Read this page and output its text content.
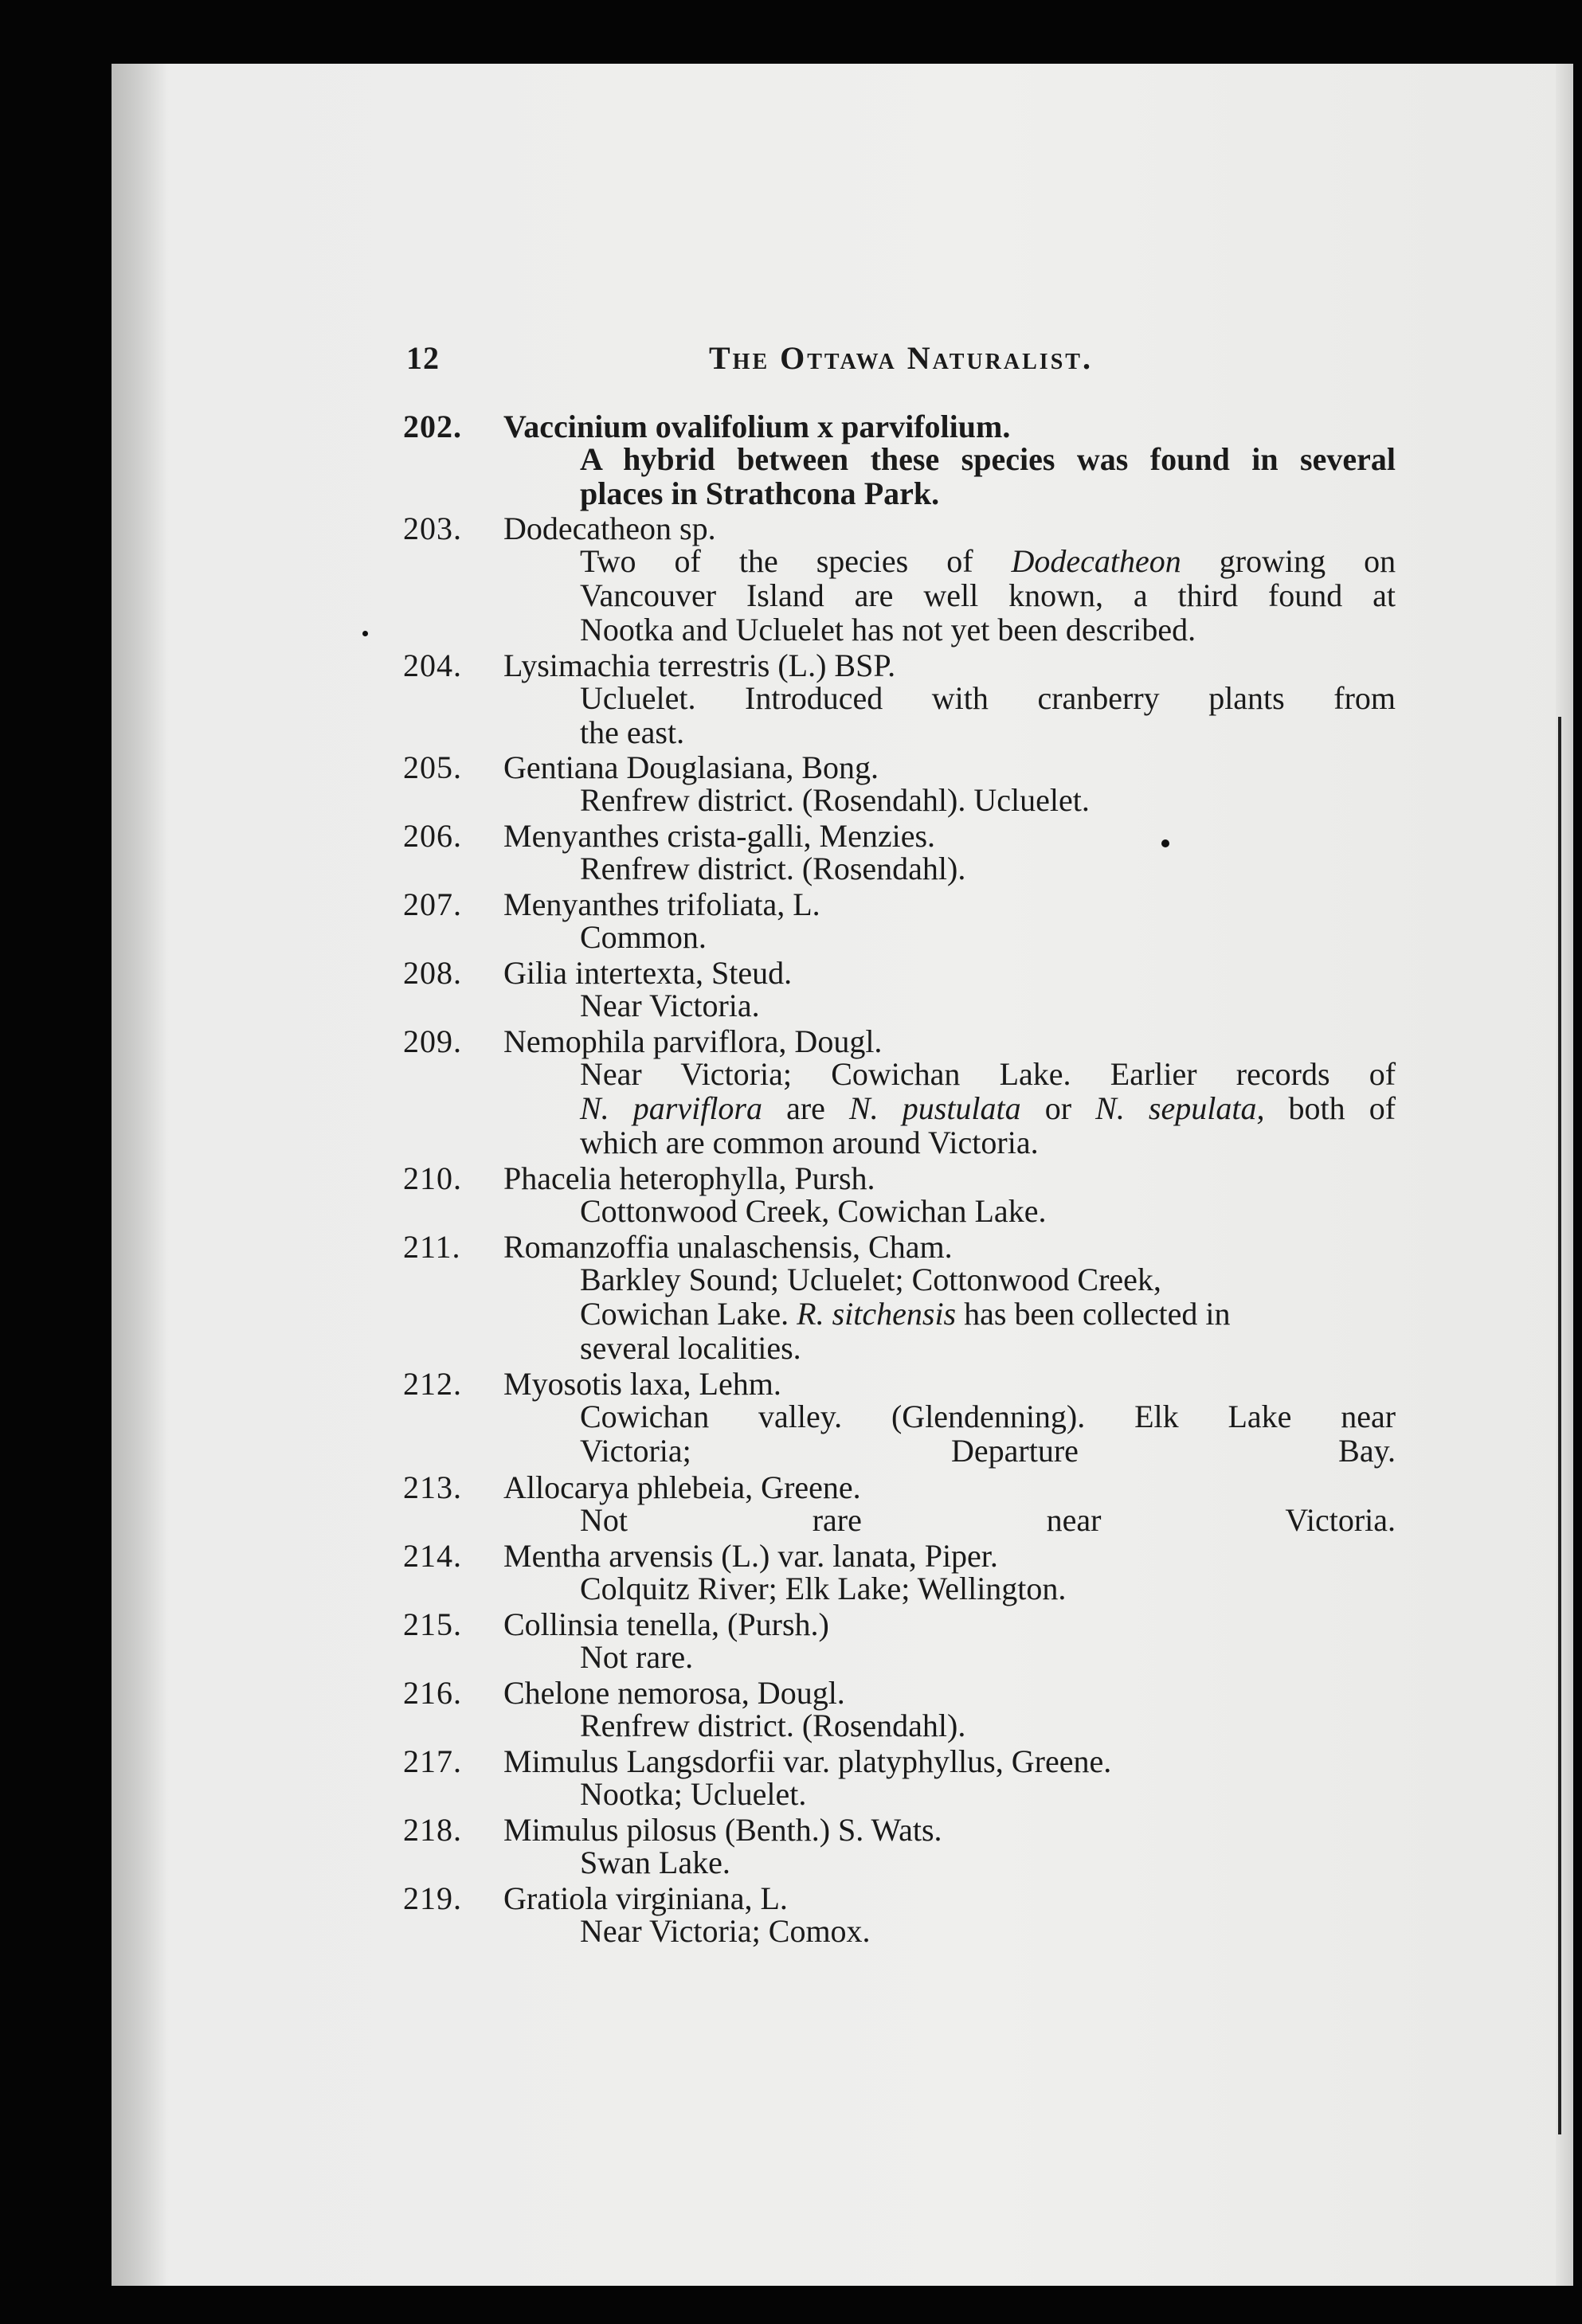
12	The Ottawa Naturalist.
202. Vaccinium ovalifolium x parvifolium.
A hybrid between these species was found in several
places in Strathcona Park.
203. Dodecatheon sp.
Two of the species of Dodecatheon growing on
Vancouver Island are well known, a third found at
Nootka and Ucluelet has not yet been described.
204. Lysimachia terrestris (L.) BSP.
Ucluelet. Introduced with cranberry plants from
the east.
205. Gentiana Douglasiana, Bong.
Renfrew district. (Rosendahl). Ucluelet.
206. Menyanthes crista-galli, Menzies.
Renfrew district. (Rosendahl).
207. Menyanthes trifoliata, L.
Common.
208. Gilia intertexta, Steud.
Near Victoria.
209. Nemophila parviflora, Dougl.
Near Victoria; Cowichan Lake. Earlier records of
N. parviflora are N. pustulata or N. sepulata, both of
which are common around Victoria.
210. Phacelia heterophylla, Pursh.
Cottonwood Creek, Cowichan Lake.
211. Romanzoffia unalaschensis, Cham.
Barkley Sound; Ucluelet; Cottonwood Creek,
Cowichan Lake. R. sitchensis has been collected in
several localities.
212. Myosotis laxa, Lehm.
Cowichan valley. (Glendenning). Elk Lake near
Victoria;	Departure	Bay.
213. Allocarya phlebeia, Greene.
Not	rare	near	Victoria.
214. Mentha arvensis (L.) var. lanata, Piper.
Colquitz River; Elk Lake; Wellington.
215. Collinsia tenella, (Pursh.)
Not rare.
216. Chelone nemorosa, Dougl.
Renfrew district. (Rosendahl).
217. Mimulus Langsdorfii var. platyphyllus, Greene.
Nootka; Ucluelet.
218. Mimulus pilosus (Benth.) S. Wats.
Swan Lake.
219. Gratiola virginiana, L.
Near Victoria; Comox.
